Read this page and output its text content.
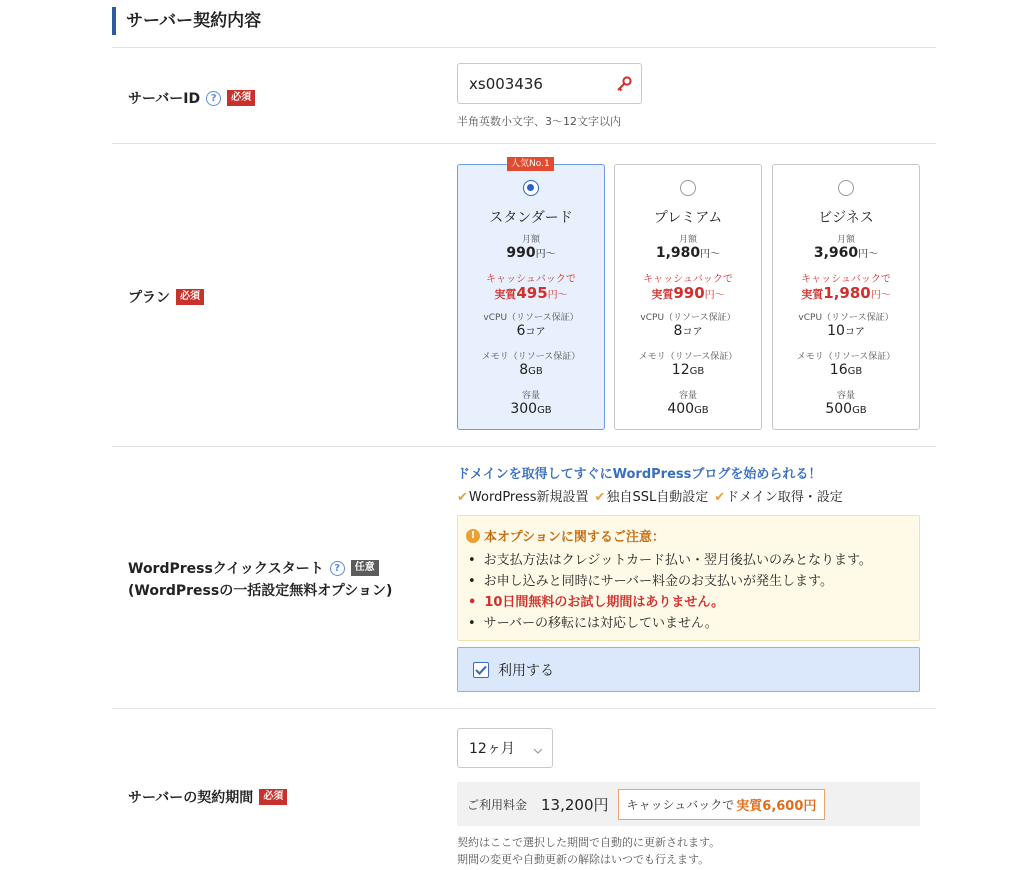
サーバー契約内容
サーバーID	?	必須
xs003436
半角英数小文字、3〜12文字以内
プラン	必須
人気No.1
スタンダード
月額
990円〜
キャッシュバックで
実質495円〜
vCPU（リソース保証）
6コア
メモリ（リソース保証）
8GB
容量
300GB
プレミアム
月額
1,980円〜
キャッシュバックで
実質990円〜
vCPU（リソース保証）
8コア
メモリ（リソース保証）
12GB
容量
400GB
ビジネス
月額
3,960円〜
キャッシュバックで
実質1,980円〜
vCPU（リソース保証）
10コア
メモリ（リソース保証）
16GB
容量
500GB
WordPressクイックスタート	?	任意
(WordPressの一括設定無料オプション)
ドメインを取得してすぐにWordPressブログを始められる！
✔WordPress新規設置 ✔独自SSL自動設定 ✔ドメイン取得・設定
! 本オプションに関するご注意：
• お支払方法はクレジットカード払い・翌月後払いのみとなります。
• お申し込みと同時にサーバー料金のお支払いが発生します。
• 10日間無料のお試し期間はありません。
• サーバーの移転には対応していません。
利用する
サーバーの契約期間	必須
12ヶ月
ご利用料金 13,200円 キャッシュバックで 実質6,600円
契約はここで選択した期間で自動的に更新されます。
期間の変更や自動更新の解除はいつでも行えます。
